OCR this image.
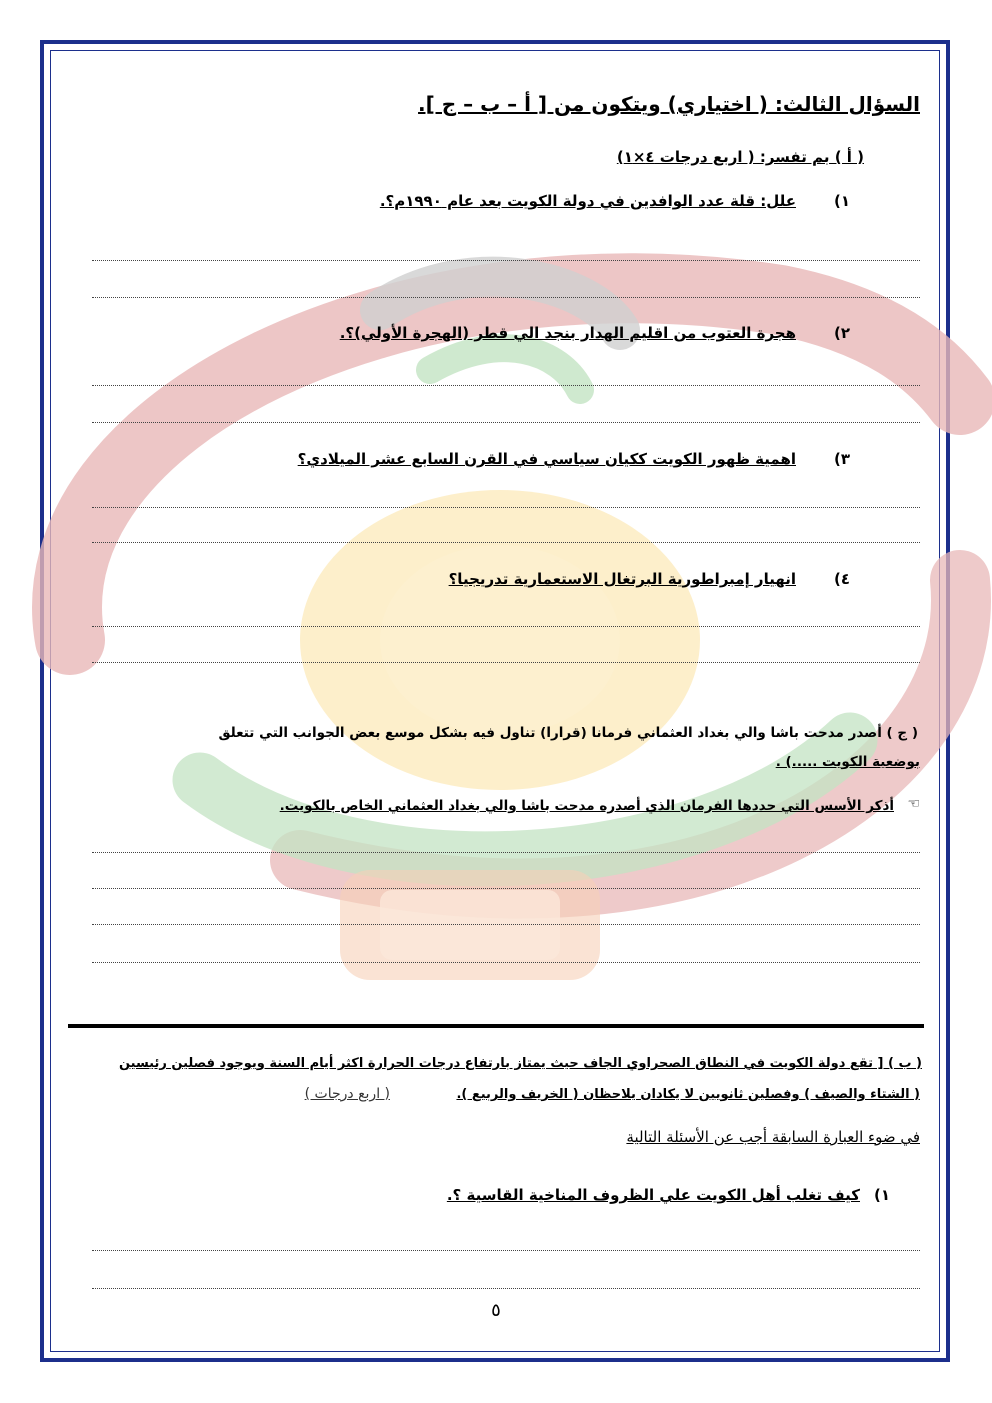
السؤال الثالث: ( اختياري) ويتكون من [ أ – ب – ج ].
( أ ) بم تفسر: ( اربع درجات ٤×١)
١)
علل: قلة عدد الوافدين في دولة الكويت بعد عام ١٩٩٠م؟.
٢)
هجرة العتوب من اقليم الهدار بنجد الي قطر (الهجرة الأولي)؟.
٣)
اهمية ظهور الكويت ككيان سياسي في القرن السابع عشر الميلادي؟
٤)
انهيار إمبراطورية البرتغال الاستعمارية تدريجيا؟
( ج ) أصدر مدحت باشا والي بغداد العثماني فرمانا (قرارا) تناول فيه بشكل موسع بعض الجوانب التي تتعلق
بوضعية الكويت .....) .
☜
أذكر الأسس التي حددها الفرمان الذي أصدره مدحت باشا والي بغداد العثماني الخاص بالكويت.
( ب ) [ تقع دولة الكويت في النطاق الصحراوي الجاف حيث يمتاز بارتفاع درجات الحرارة اكثر أيام السنة ويوجود فصلين رئيسين
( الشتاء والصيف ) وفصلين ثانويين لا يكادان يلاحظان ( الخريف والربيع ).
( اربع درجات )
في ضوء العبارة السابقة أجب عن الأسئلة التالية
١)
كيف تغلب أهل الكويت علي الظروف المناخية القاسية ؟.
٥
